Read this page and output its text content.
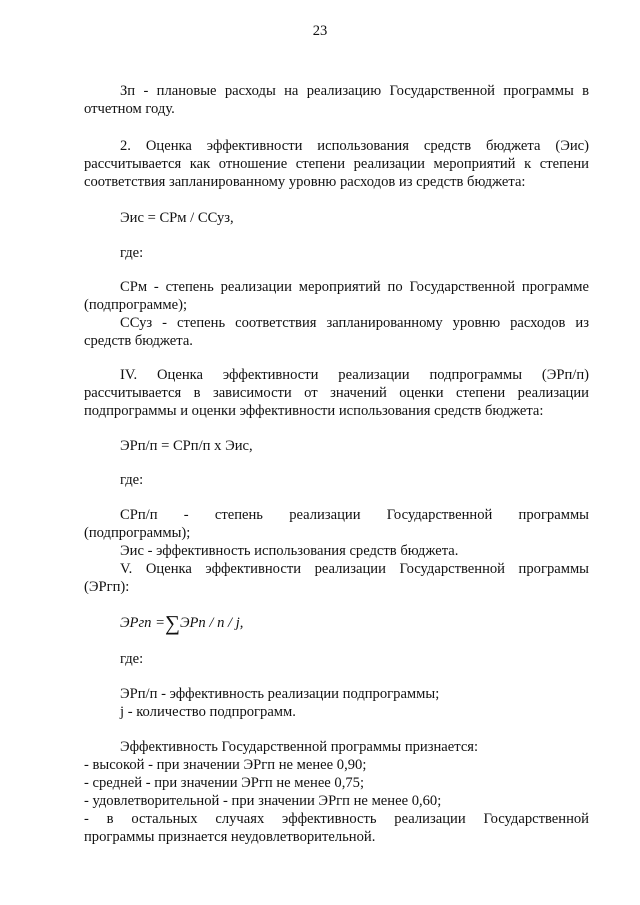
23
Зп - плановые расходы на реализацию Государственной программы в
отчетном году.
2. Оценка эффективности использования средств бюджета (Эис)
рассчитывается как отношение степени реализации мероприятий к степени
соответствия запланированному уровню расходов из средств бюджета:
Эис = СРм / ССуз,
где:
СРм - степень реализации мероприятий по Государственной программе
(подпрограмме);
ССуз - степень соответствия запланированному уровню расходов из
средств бюджета.
IV. Оценка эффективности реализации подпрограммы (ЭРп/п)
рассчитывается в зависимости от значений оценки степени реализации
подпрограммы и оценки эффективности использования средств бюджета:
ЭРп/п = СРп/п х Эис,
где:
СРп/п - степень реализации Государственной программы
(подпрограммы);
Эис - эффективность использования средств бюджета.
V. Оценка эффективности реализации Государственной программы
(ЭРгп):
ЭРгп =∑ЭРп / n / j,
где:
ЭРп/п - эффективность реализации подпрограммы;
j - количество подпрограмм.
Эффективность Государственной программы признается:
- высокой - при значении ЭРгп не менее 0,90;
- средней - при значении ЭРгп не менее 0,75;
- удовлетворительной - при значении ЭРгп не менее 0,60;
- в остальных случаях эффективность реализации Государственной
программы признается неудовлетворительной.
